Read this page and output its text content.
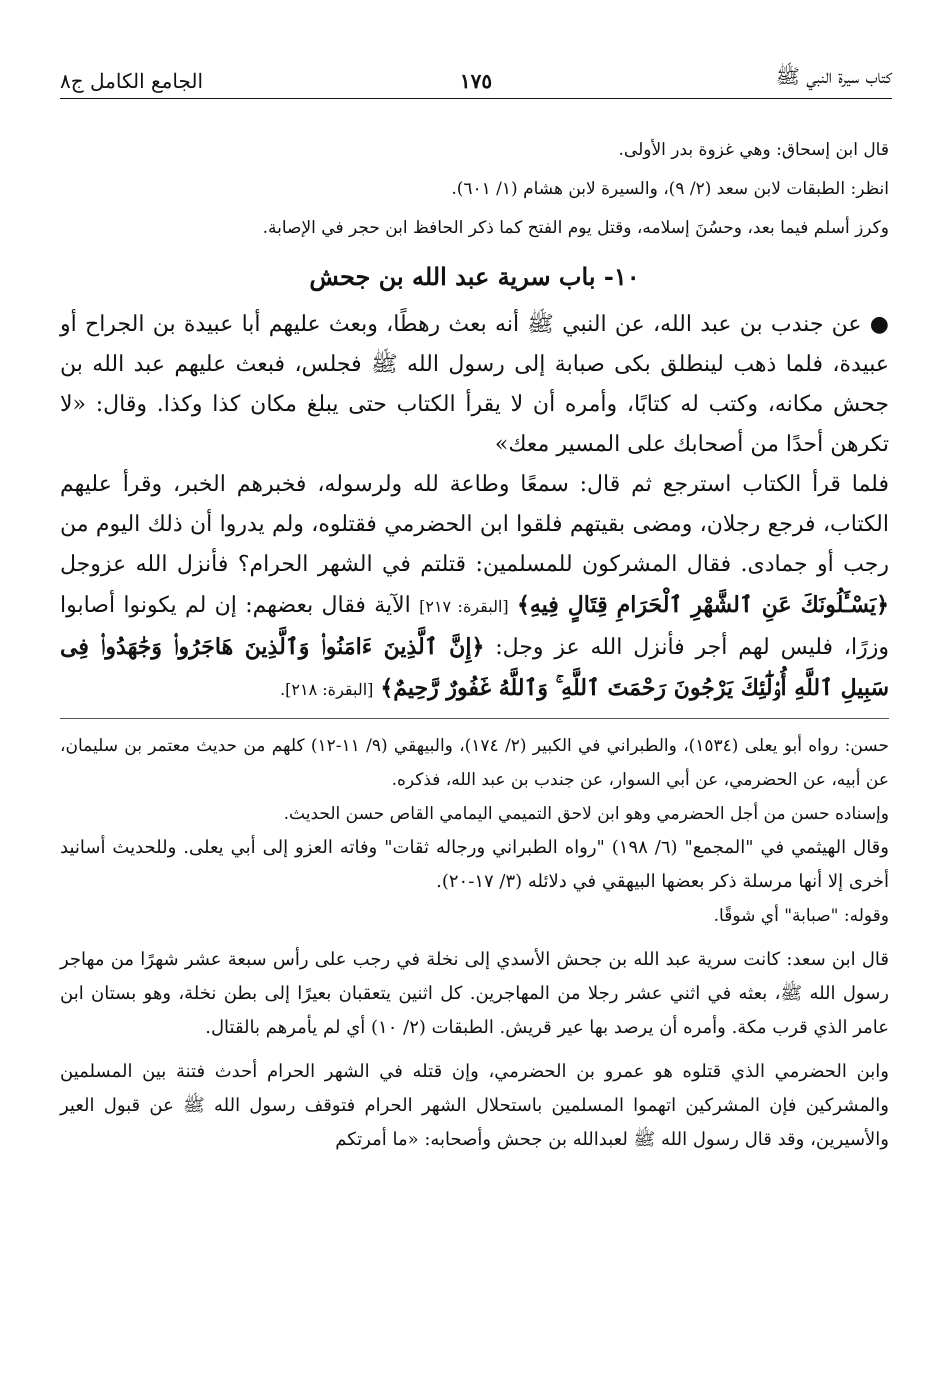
كتاب سيرة النبي ﷺ
١٧٥
الجامع الكامل ج٨

قال ابن إسحاق: وهي غزوة بدر الأولى.

انظر: الطبقات لابن سعد (٢/ ٩)، والسيرة لابن هشام (١/ ٦٠١).

وكرز أسلم فيما بعد، وحسُنَ إسلامه، وقتل يوم الفتح كما ذكر الحافظ ابن حجر في الإصابة.

١٠- باب سرية عبد الله بن جحش

● عن جندب بن عبد الله، عن النبي ﷺ أنه بعث رهطًا، وبعث عليهم أبا عبيدة بن الجراح أو عبيدة، فلما ذهب لينطلق بكى صبابة إلى رسول الله ﷺ فجلس، فبعث عليهم عبد الله بن جحش مكانه، وكتب له كتابًا، وأمره أن لا يقرأ الكتاب حتى يبلغ مكان كذا وكذا. وقال: «لا تكرهن أحدًا من أصحابك على المسير معك»

فلما قرأ الكتاب استرجع ثم قال: سمعًا وطاعة لله ولرسوله، فخبرهم الخبر، وقرأ عليهم الكتاب، فرجع رجلان، ومضى بقيتهم فلقوا ابن الحضرمي فقتلوه، ولم يدروا أن ذلك اليوم من رجب أو جمادى. فقال المشركون للمسلمين: قتلتم في الشهر الحرام؟ فأنزل الله عزوجل ﴿يَسْـَٔلُونَكَ عَنِ ٱلشَّهْرِ ٱلْحَرَامِ قِتَالٍ فِيهِ﴾ [البقرة: ٢١٧] الآية فقال بعضهم: إن لم يكونوا أصابوا وزرًا، فليس لهم أجر فأنزل الله عز وجل: ﴿إِنَّ ٱلَّذِينَ ءَامَنُوا۟ وَٱلَّذِينَ هَاجَرُوا۟ وَجَٰهَدُوا۟ فِى سَبِيلِ ٱللَّهِ أُو۟لَٰٓئِكَ يَرْجُونَ رَحْمَتَ ٱللَّهِ ۚ وَٱللَّهُ غَفُورٌ رَّحِيمٌ﴾ [البقرة: ٢١٨].

حسن: رواه أبو يعلى (١٥٣٤)، والطبراني في الكبير (٢/ ١٧٤)، والبيهقي (٩/ ١١-١٢) كلهم من حديث معتمر بن سليمان، عن أبيه، عن الحضرمي، عن أبي السوار، عن جندب بن عبد الله، فذكره.

وإسناده حسن من أجل الحضرمي وهو ابن لاحق التميمي اليمامي القاص حسن الحديث.

وقال الهيثمي في "المجمع" (٦/ ١٩٨) "رواه الطبراني ورجاله ثقات" وفاته العزو إلى أبي يعلى. وللحديث أسانيد أخرى إلا أنها مرسلة ذكر بعضها البيهقي في دلائله (٣/ ١٧-٢٠).

وقوله: "صبابة" أي شوقًا.

قال ابن سعد: كانت سرية عبد الله بن جحش الأسدي إلى نخلة في رجب على رأس سبعة عشر شهرًا من مهاجر رسول الله ﷺ، بعثه في اثني عشر رجلا من المهاجرين. كل اثنين يتعقبان بعيرًا إلى بطن نخلة، وهو بستان ابن عامر الذي قرب مكة. وأمره أن يرصد بها عير قريش. الطبقات (٢/ ١٠) أي لم يأمرهم بالقتال.

وابن الحضرمي الذي قتلوه هو عمرو بن الحضرمي، وإن قتله في الشهر الحرام أحدث فتنة بين المسلمين والمشركين فإن المشركين اتهموا المسلمين باستحلال الشهر الحرام فتوقف رسول الله ﷺ عن قبول العير والأسيرين، وقد قال رسول الله ﷺ لعبدالله بن جحش وأصحابه: «ما أمرتكم
